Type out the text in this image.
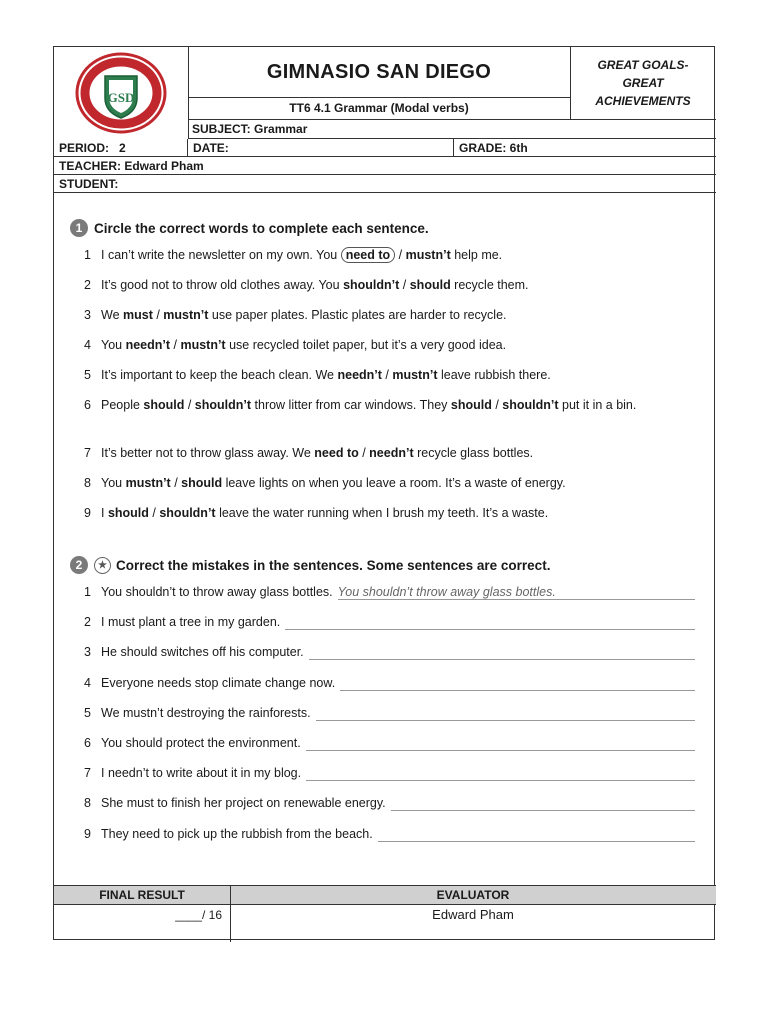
GSD
GIMNASIO SAN DIEGO
TT6 4.1 Grammar (Modal verbs)
GREAT GOALS-
GREAT
ACHIEVEMENTS
SUBJECT: Grammar
PERIOD:   2	DATE:	GRADE: 6th
TEACHER: Edward Pham
STUDENT:
1 Circle the correct words to complete each sentence.
1 I can’t write the newsletter on my own. You need to / mustn’t help me.
2 It’s good not to throw old clothes away. You shouldn’t / should recycle them.
3 We must / mustn’t use paper plates. Plastic plates are harder to recycle.
4 You needn’t / mustn’t use recycled toilet paper, but it’s a very good idea.
5 It’s important to keep the beach clean. We needn’t / mustn’t leave rubbish there.
6 People should / shouldn’t throw litter from car windows. They should / shouldn’t put it in a bin.
7 It’s better not to throw glass away. We need to / needn’t recycle glass bottles.
8 You mustn’t / should leave lights on when you leave a room. It’s a waste of energy.
9 I should / shouldn’t leave the water running when I brush my teeth. It’s a waste.
2	★ Correct the mistakes in the sentences. Some sentences are correct.
1 You shouldn’t to throw away glass bottles. You shouldn’t throw away glass bottles.
2 I must plant a tree in my garden.
3 He should switches off his computer.
4 Everyone needs stop climate change now.
5 We mustn’t destroying the rainforests.
6 You should protect the environment.
7 I needn’t to write about it in my blog.
8 She must to finish her project on renewable energy.
9 They need to pick up the rubbish from the beach.
FINAL RESULT	EVALUATOR
____/ 16	Edward Pham
